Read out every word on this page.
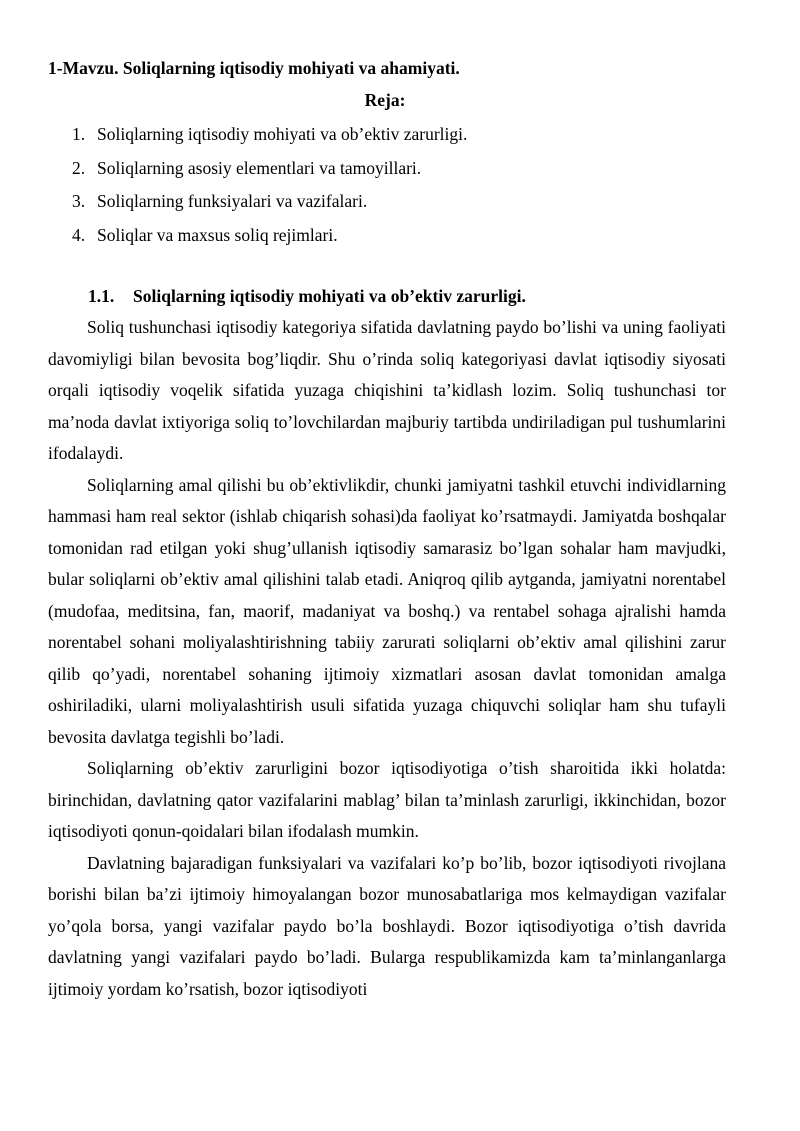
1-Mavzu. Soliqlarning iqtisodiy mohiyati va ahamiyati.
Reja:
1. Soliqlarning iqtisodiy mohiyati va ob’ektiv zarurligi.
2. Soliqlarning asosiy elementlari va tamoyillari.
3. Soliqlarning funksiyalari va vazifalari.
4. Soliqlar va maxsus soliq rejimlari.
1.1. Soliqlarning iqtisodiy mohiyati va ob’ektiv zarurligi.

Soliq tushunchasi iqtisodiy kategoriya sifatida davlatning paydo bo’lishi va uning faoliyati davomiyligi bilan bevosita bog’liqdir. Shu o’rinda soliq kategoriyasi davlat iqtisodiy siyosati orqali iqtisodiy voqelik sifatida yuzaga chiqishini ta’kidlash lozim. Soliq tushunchasi tor ma’noda davlat ixtiyoriga soliq to’lovchilardan majburiy tartibda undiriladigan pul tushumlarini ifodalaydi.

Soliqlarning amal qilishi bu ob’ektivlikdir, chunki jamiyatni tashkil etuvchi individlarning hammasi ham real sektor (ishlab chiqarish sohasi)da faoliyat ko’rsatmaydi. Jamiyatda boshqalar tomonidan rad etilgan yoki shug’ullanish iqtisodiy samarasiz bo’lgan sohalar ham mavjudki, bular soliqlarni ob’ektiv amal qilishini talab etadi. Aniqroq qilib aytganda, jamiyatni norentabel (mudofaa, meditsina, fan, maorif, madaniyat va boshq.) va rentabel sohaga ajralishi hamda norentabel sohani moliyalashtirishning tabiiy zarurati soliqlarni ob’ektiv amal qilishini zarur qilib qo’yadi, norentabel sohaning ijtimoiy xizmatlari asosan davlat tomonidan amalga oshiriladiki, ularni moliyalashtirish usuli sifatida yuzaga chiquvchi soliqlar ham shu tufayli bevosita davlatga tegishli bo’ladi.

Soliqlarning ob’ektiv zarurligini bozor iqtisodiyotiga o’tish sharoitida ikki holatda: birinchidan, davlatning qator vazifalarini mablag’ bilan ta’minlash zarurligi, ikkinchidan, bozor iqtisodiyoti qonun-qoidalari bilan ifodalash mumkin.

Davlatning bajaradigan funksiyalari va vazifalari ko’p bo’lib, bozor iqtisodiyoti rivojlana borishi bilan ba’zi ijtimoiy himoyalangan bozor munosabatlariga mos kelmaydigan vazifalar yo’qola borsa, yangi vazifalar paydo bo’la boshlaydi. Bozor iqtisodiyotiga o’tish davrida davlatning yangi vazifalari paydo bo’ladi. Bularga respublikamizda kam ta’minlanganlarga ijtimoiy yordam ko’rsatish, bozor iqtisodiyoti
